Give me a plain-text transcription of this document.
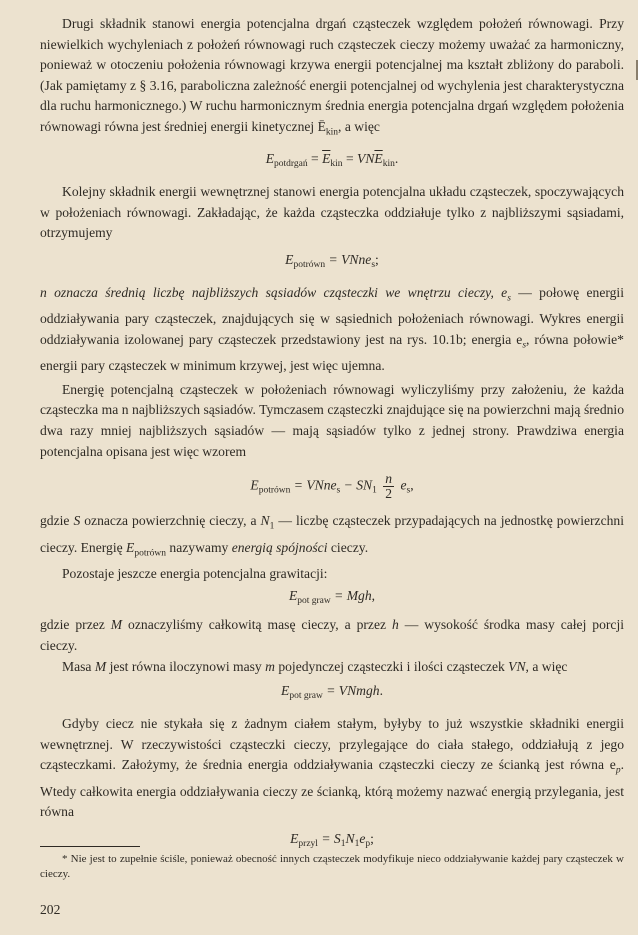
Drugi składnik stanowi energia potencjalna drgań cząsteczek względem położeń równowagi. Przy niewielkich wychyleniach z położeń równowagi ruch cząsteczek cieczy możemy uważać za harmoniczny, ponieważ w otoczeniu położenia równowagi krzywa energii potencjalnej ma kształt zbliżony do paraboli. (Jak pamiętamy z § 3.16, paraboliczna zależność energii potencjalnej od wychylenia jest charakterystyczna dla ruchu harmonicznego.) W ruchu harmonicznym średnia energia potencjalna drgań względem położenia równowagi równa jest średniej energii kinetycznej $Ē_{kin}$, a więc

$E_{potdrgań} = \overline{E}_{kin} = VN\overline{E}_{kin}$.

Kolejny składnik energii wewnętrznej stanowi energia potencjalna układu cząsteczek, spoczywających w położeniach równowagi. Zakładając, że każda cząsteczka oddziałuje tylko z najbliższymi sąsiadami, otrzymujemy

$E_{potrówn}$ = VNne$_s$;

n oznacza średnią liczbę najbliższych sąsiadów cząsteczki we wnętrzu cieczy, $e_s$ — połowę energii oddziaływania pary cząsteczek, znajdujących się w sąsiednich położeniach równowagi. Wykres energii oddziaływania izolowanej pary cząsteczek przedstawiony jest na rys. 10.1b; energia $e_s$, równa połowie* energii pary cząsteczek w minimum krzywej, jest więc ujemna.

Energię potencjalną cząsteczek w położeniach równowagi wyliczyliśmy przy założeniu, że każda cząsteczka ma n najbliższych sąsiadów. Tymczasem cząsteczki znajdujące się na powierzchni mają średnio dwa razy mniej najbliższych sąsiadów — mają sąsiadów tylko z jednej strony. Prawdziwa energia potencjalna opisana jest więc wzorem

$E_{potrówn}$ = VNne$_s$ − $SN_1 \frac{n}{2} e_s$,

gdzie S oznacza powierzchnię cieczy, a $N_1$ — liczbę cząsteczek przypadających na jednostkę powierzchni cieczy. Energię $E_{potrówn}$ nazywamy energią spójności cieczy.

Pozostaje jeszcze energia potencjalna grawitacji:

$E_{pot graw}$ = Mgh,

gdzie przez M oznaczyliśmy całkowitą masę cieczy, a przez h — wysokość środka masy całej porcji cieczy.

Masa M jest równa iloczynowi masy m pojedynczej cząsteczki i ilości cząsteczek VN, a więc

$E_{pot graw}$ = VNmgh.

Gdyby ciecz nie stykała się z żadnym ciałem stałym, byłyby to już wszystkie składniki energii wewnętrznej. W rzeczywistości cząsteczki cieczy, przylegające do ciała stałego, oddziałują z jego cząsteczkami. Założymy, że średnia energia oddziaływania cząsteczki cieczy ze ścianką jest równa $e_p$. Wtedy całkowita energia oddziaływania cieczy ze ścianką, którą możemy nazwać energią przylegania, jest równa

$E_{przyl} = S_1N_1e_p$;
* Nie jest to zupełnie ściśle, ponieważ obecność innych cząsteczek modyfikuje nieco oddziaływanie każdej pary cząsteczek w cieczy.
202
